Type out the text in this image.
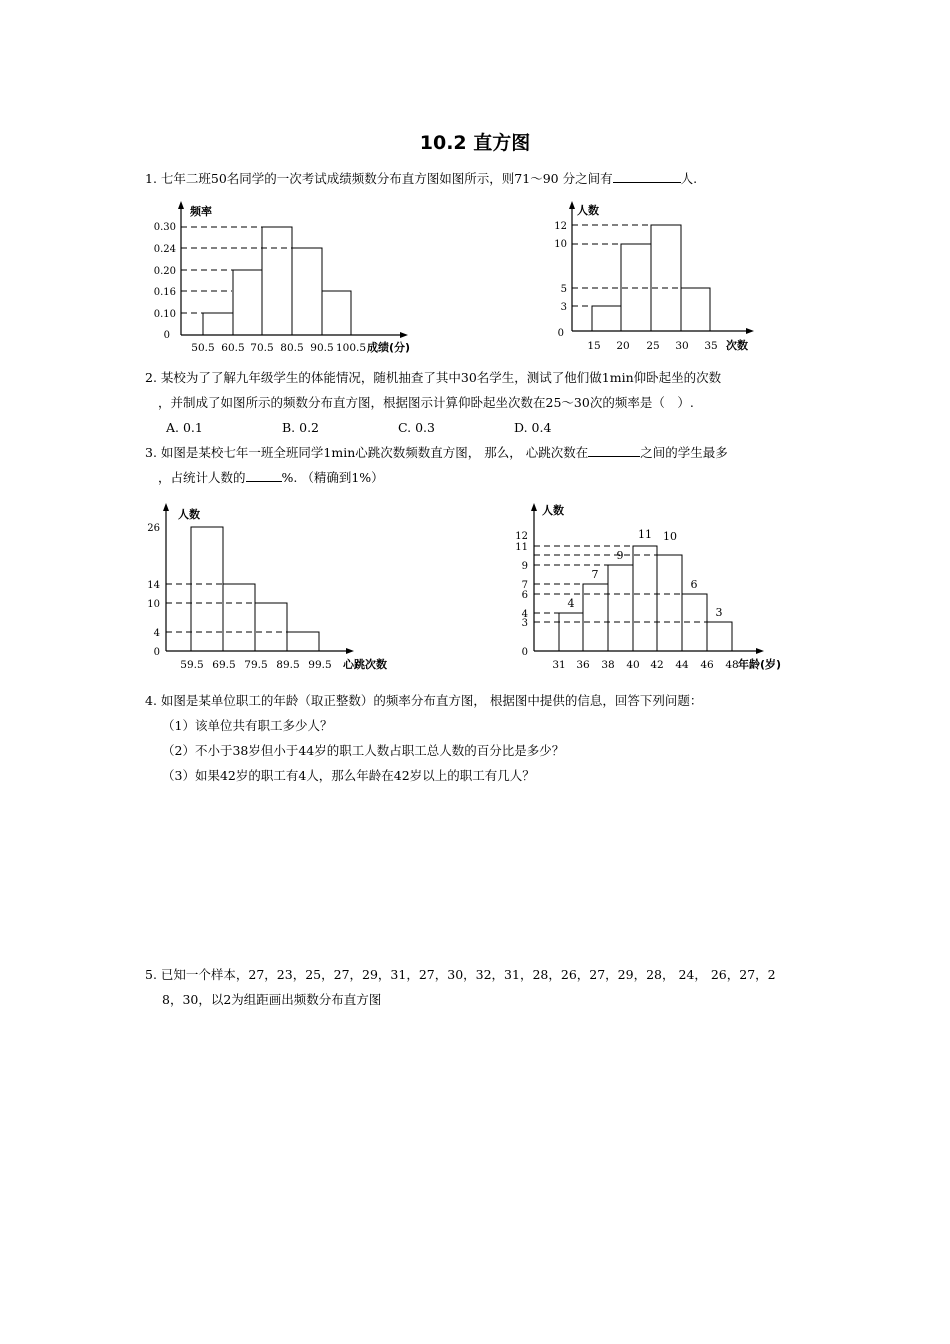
10.2 直方图
1. 七年二班50名同学的一次考试成绩频数分布直方图如图所示，则71～90 分之间有	人.
频率
成绩(分)
0
0.10
0.16
0.20
0.24
0.30
50.5 60.5 70.5 80.5 90.5 100.5
人数
次数
0
3
5
10
12
15 20 25 30 35
2. 某校为了了解九年级学生的体能情况，随机抽查了其中30名学生，测试了他们做1min仰卧起坐的次数
，并制成了如图所示的频数分布直方图，根据图示计算仰卧起坐次数在25～30次的频率是（　）.
A. 0.1	B. 0.2	C. 0.3	D. 0.4
3. 如图是某校七年一班全班同学1min心跳次数频数直方图， 那么， 心跳次数在	之间的学生最多
，占统计人数的	%. （精确到1%）
人数
心跳次数
0
4
10
14
26
59.5 69.5 79.5 89.5 99.5
人数
年龄(岁)
0
3
4
6
7
9
11
12
4
7
9
11 10
6
3
31 36 38 40 42 44 46 48
4. 如图是某单位职工的年龄（取正整数）的频率分布直方图， 根据图中提供的信息，回答下列问题：
（1）该单位共有职工多少人？
（2）不小于38岁但小于44岁的职工人数占职工总人数的百分比是多少？
（3）如果42岁的职工有4人，那么年龄在42岁以上的职工有几人？
5. 已知一个样本，27，23，25，27，29，31，27，30，32，31，28，26，27，29，28， 24， 26，27，2
8，30，以2为组距画出频数分布直方图
